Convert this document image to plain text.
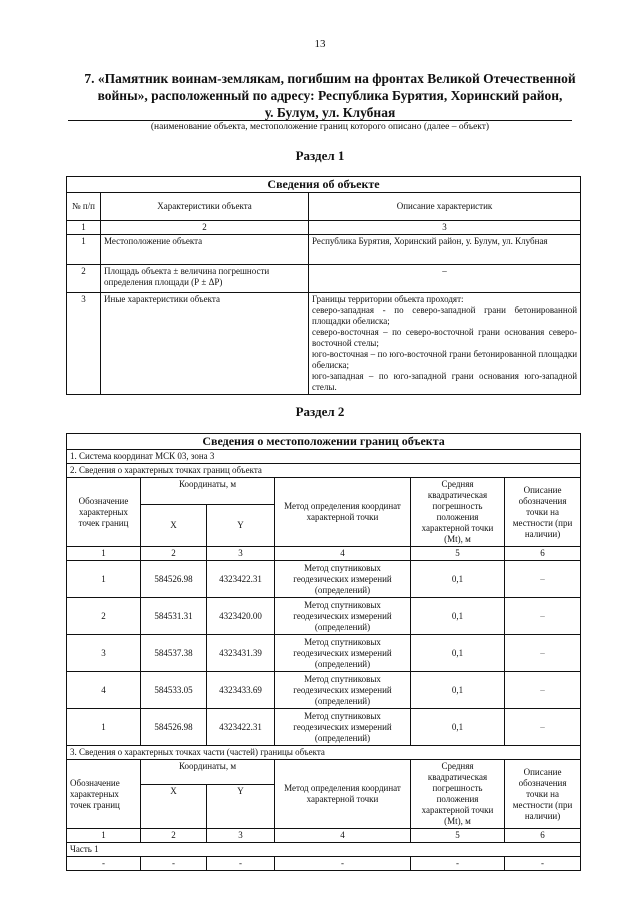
13
7. «Памятник воинам-землякам, погибшим на фронтах Великой Отечественной
войны», расположенный по адресу: Республика Бурятия, Хоринский район,
у. Булум, ул. Клубная
(наименование объекта, местоположение границ которого описано (далее – объект)
Раздел 1
Сведения об объекте		
№ п/п	Характеристики объекта	Описание характеристик
1	2	3
1	Местоположение объекта	Республика Бурятия, Хоринский район, у. Булум, ул. Клубная
2	Площадь объекта ± величина погрешности определения площади (Р ± ΔР)	–
3	Иные характеристики объекта	Границы территории объекта проходят:
северо-западная - по северо-западной грани бетонированной площадки обелиска;
северо-восточная – по северо-восточной грани основания северо-восточной стелы;
юго-восточная – по юго-восточной грани бетонированной площадки обелиска;
юго-западная – по юго-западной грани основания юго-западной стелы.
Раздел 2
Сведения о местоположении границ объекта					
1. Система координат МСК 03, зона 3					
2. Сведения о характерных точках границ объекта					
Обозначение характерных точек границ	Координаты, м		Метод определения координат характерной точки	Средняя квадратическая погрешность положения характерной точки (Mt), м	Описание обозначения точки на местности (при наличии)
	X	Y			
1	2	3	4	5	6
1	584526.98	4323422.31	Метод спутниковых геодезических измерений (определений)	0,1	–
2	584531.31	4323420.00	Метод спутниковых геодезических измерений (определений)	0,1	–
3	584537.38	4323431.39	Метод спутниковых геодезических измерений (определений)	0,1	–
4	584533.05	4323433.69	Метод спутниковых геодезических измерений (определений)	0,1	–
1	584526.98	4323422.31	Метод спутниковых геодезических измерений (определений)	0,1	–
3. Сведения о характерных точках части (частей) границы объекта					
Обозначение характерных точек границ	Координаты, м		Метод определения координат характерной точки	Средняя квадратическая погрешность положения характерной точки (Mt), м	Описание обозначения точки на местности (при наличии)
	X	Y			
1	2	3	4	5	6
Часть 1					
-	-	-	-	-	-
